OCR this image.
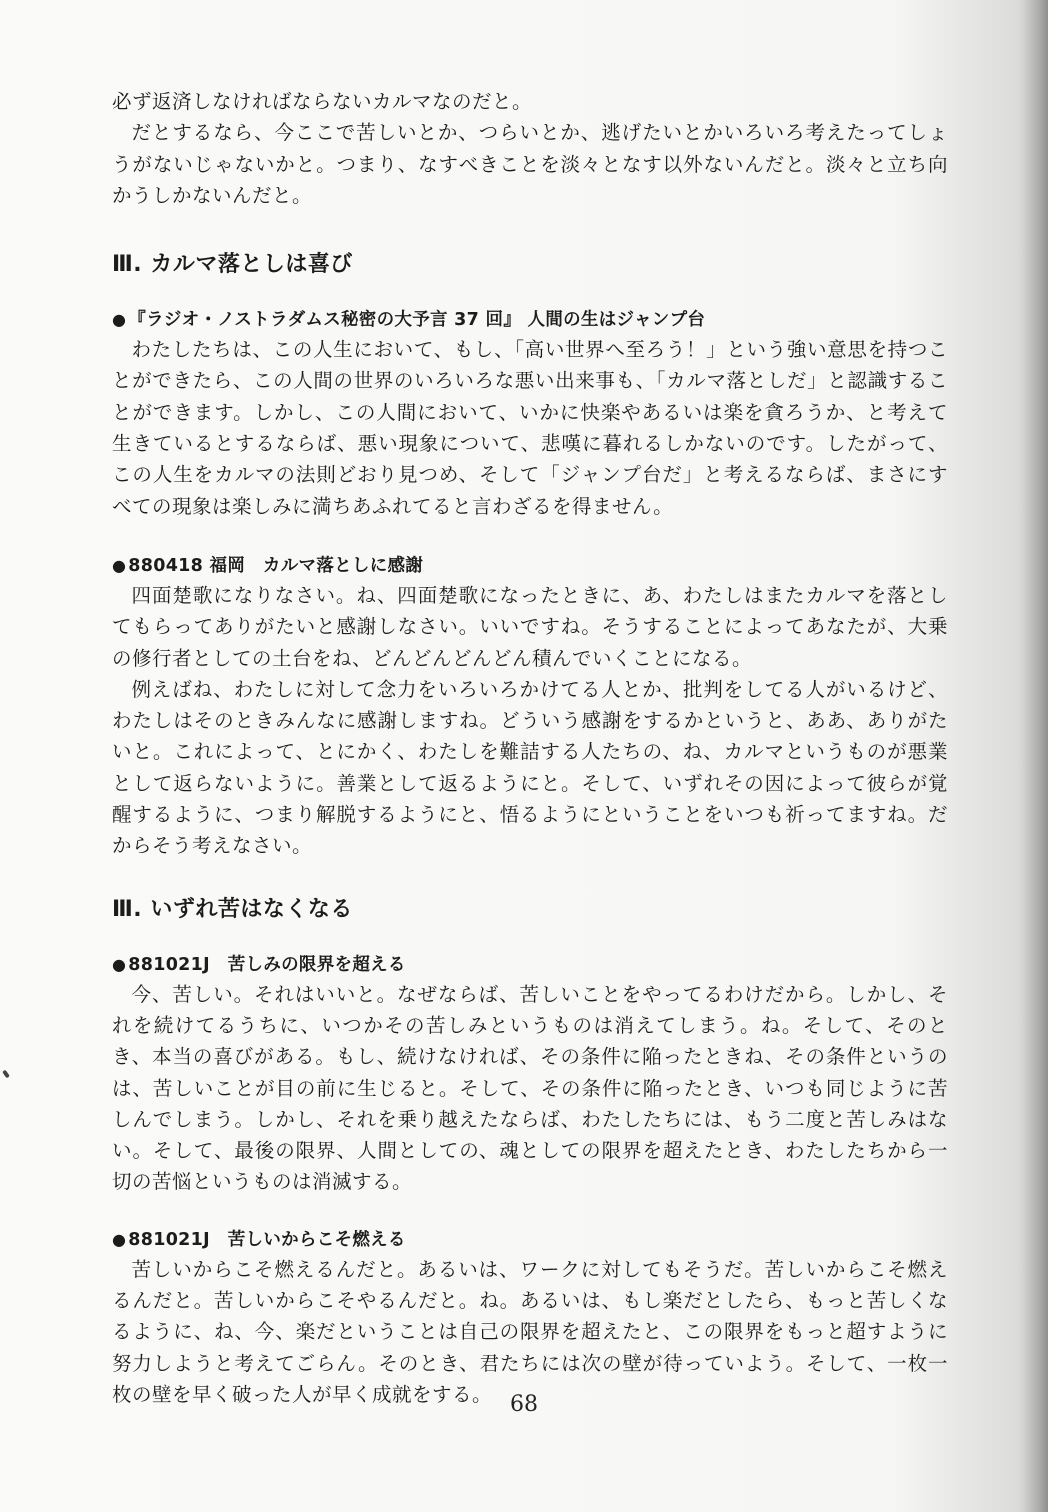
必ず返済しなければならないカルマなのだと。
だとするなら、今ここで苦しいとか、つらいとか、逃げたいとかいろいろ考えたってしょうがないじゃないかと。つまり、なすべきことを淡々となす以外ないんだと。淡々と立ち向かうしかないんだと。
Ⅲ. カルマ落としは喜び
● 『ラジオ・ノストラダムス秘密の大予言 37 回』 人間の生はジャンプ台
わたしたちは、この人生において、もし、「高い世界へ至ろう！」という強い意思を持つことができたら、この人間の世界のいろいろな悪い出来事も、「カルマ落としだ」と認識することができます。しかし、この人間において、いかに快楽やあるいは楽を貪ろうか、と考えて生きているとするならば、悪い現象について、悲嘆に暮れるしかないのです。したがって、この人生をカルマの法則どおり見つめ、そして「ジャンプ台だ」と考えるならば、まさにすべての現象は楽しみに満ちあふれてると言わざるを得ません。
● 880418 福岡　カルマ落としに感謝
四面楚歌になりなさい。ね、四面楚歌になったときに、あ、わたしはまたカルマを落としてもらってありがたいと感謝しなさい。いいですね。そうすることによってあなたが、大乗の修行者としての土台をね、どんどんどんどん積んでいくことになる。
例えばね、わたしに対して念力をいろいろかけてる人とか、批判をしてる人がいるけど、わたしはそのときみんなに感謝しますね。どういう感謝をするかというと、ああ、ありがたいと。これによって、とにかく、わたしを難詰する人たちの、ね、カルマというものが悪業として返らないように。善業として返るようにと。そして、いずれその因によって彼らが覚醒するように、つまり解脱するようにと、悟るようにということをいつも祈ってますね。だからそう考えなさい。
Ⅲ. いずれ苦はなくなる
● 881021J　苦しみの限界を超える
今、苦しい。それはいいと。なぜならば、苦しいことをやってるわけだから。しかし、それを続けてるうちに、いつかその苦しみというものは消えてしまう。ね。そして、そのとき、本当の喜びがある。もし、続けなければ、その条件に陥ったときね、その条件というのは、苦しいことが目の前に生じると。そして、その条件に陥ったとき、いつも同じように苦しんでしまう。しかし、それを乗り越えたならば、わたしたちには、もう二度と苦しみはない。そして、最後の限界、人間としての、魂としての限界を超えたとき、わたしたちから一切の苦悩というものは消滅する。
● 881021J　苦しいからこそ燃える
苦しいからこそ燃えるんだと。あるいは、ワークに対してもそうだ。苦しいからこそ燃えるんだと。苦しいからこそやるんだと。ね。あるいは、もし楽だとしたら、もっと苦しくなるように、ね、今、楽だということは自己の限界を超えたと、この限界をもっと超すように努力しようと考えてごらん。そのとき、君たちには次の壁が待っていよう。そして、一枚一枚の壁を早く破った人が早く成就をする。 68
